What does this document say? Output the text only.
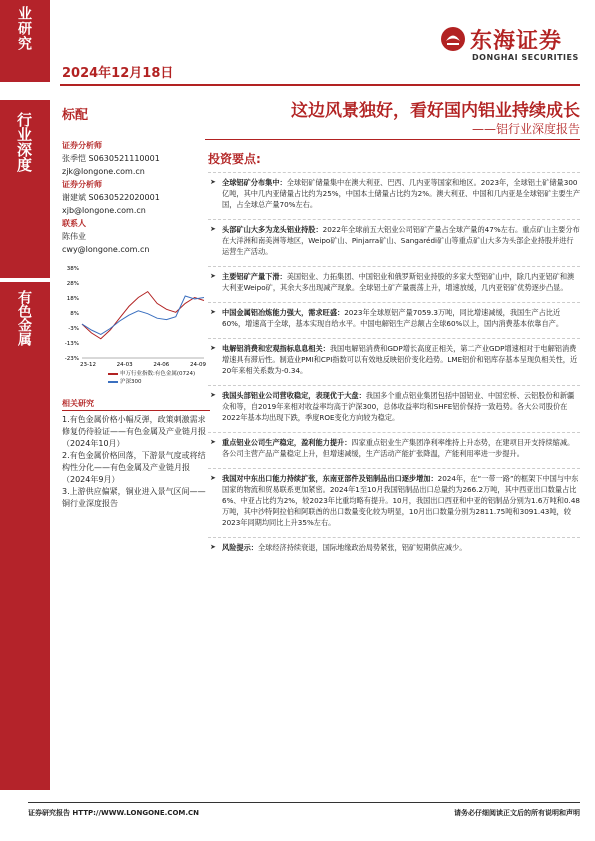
业研究
行业深度
有色金属
2024年12月18日
东海证券
DONGHAI SECURITIES
标配	这边风景独好，看好国内铝业持续成长
——铝行业深度报告
证券分析师
张季恺 S0630521110001
zjk@longone.com.cn
证券分析师
谢建斌 S0630522020001
xjb@longone.com.cn
联系人
陈伟业
cwy@longone.com.cn
38%
28%
18%
8%
-3%
-13%
-23%
23-12	24-03	24-06	24-09
申万行业指数:有色金属(0724)
沪深300
相关研究
1.有色金属价格小幅反弹，政策刺激需求修复仍待验证——有色金属及产业链月报（2024年10月）
2.有色金属价格回落，下游景气度或将结构性分化——有色金属及产业链月报（2024年9月）
3.上游供应偏紧，铜业进入景气区间——铜行业深度报告
投资要点:
➤ 全球铝矿分布集中：全球铝矿储量集中在澳大利亚、巴西、几内亚等国家和地区。2023年，全球铝土矿储量300亿吨，其中几内亚储量占比约为25%，中国本土储量占比约为2%。澳大利亚、中国和几内亚是全球铝矿主要生产国，占全球总产量70%左右。
➤ 头部矿山大多为龙头铝业持股：2022年全球前五大铝业公司铝矿产量占全球产量的47%左右。重点矿山主要分布在大洋洲和南美洲等地区，Weipo矿山、Pinjarra矿山、Sangarédi矿山等重点矿山大多为头部企业持股并进行运营生产活动。
➤ 主要铝矿产量下滑：美国铝业、力拓集团、中国铝业和俄罗斯铝业持股的多家大型铝矿山中，除几内亚铝矿和澳大利亚Weipo矿，其余大多出现减产现象。全球铝土矿产量震荡上升，增速放缓，几内亚铝矿优势逐步凸显。
➤ 中国金属铝冶炼能力强大，需求旺盛：2023年全球原铝产量7059.3万吨，同比增速减缓，我国生产占比近60%，增速高于全球，基本实现自给水平。中国电解铝生产总额占全球60%以上，国内消费基本依靠自产。
➤ 电解铝消费和宏观指标息息相关：我国电解铝消费和GDP增长高度正相关，第二产业GDP增速相对于电解铝消费增速具有滞后性。制造业PMI和CPI指数可以有效地反映铝价变化趋势。LME铝价和铝库存基本呈现负相关性，近20年来相关系数为-0.34。
➤ 我国头部铝业公司营收稳定，表现优于大盘：我国多个重点铝业集团包括中国铝业、中国宏桥、云铝股份和新疆众和等，自2019年来相对收益率均高于沪深300，总体收益率均和SHFE铝价保持一致趋势。各大公司股价在2022年基本均出现下跌，季度ROE变化方向较为稳定。
➤ 重点铝业公司生产稳定，盈利能力提升：四家重点铝业生产集团净利率维持上升态势，在建项目开支持续缩减。各公司主营产品产量稳定上升，但增速减缓，生产活动产能扩张降温，产能利用率进一步提升。
➤ 我国对中东出口能力持续扩张，东南亚部件及铝制品出口逐步增加：2024年，在“一带一路”的框架下中国与中东国家的物流和贸易联系更加紧密。2024年1至10月我国铝制品出口总量约为266.2万吨，其中西亚出口数量占比6%、中亚占比约为2%，较2023年比重均略有提升。10月，我国出口西亚和中亚的铝制品分别为1.6万吨和0.48万吨，其中沙特阿拉伯和阿联酋的出口数量变化较为明显，10月出口数量分别为2811.75吨和3091.43吨，较2023年同期均同比上升35%左右。
➤ 风险提示：全球经济持续衰退，国际地缘政治局势紧张，铝矿短期供应减少。
证券研究报告 HTTP://WWW.LONGONE.COM.CN	请务必仔细阅读正文后的所有说明和声明
